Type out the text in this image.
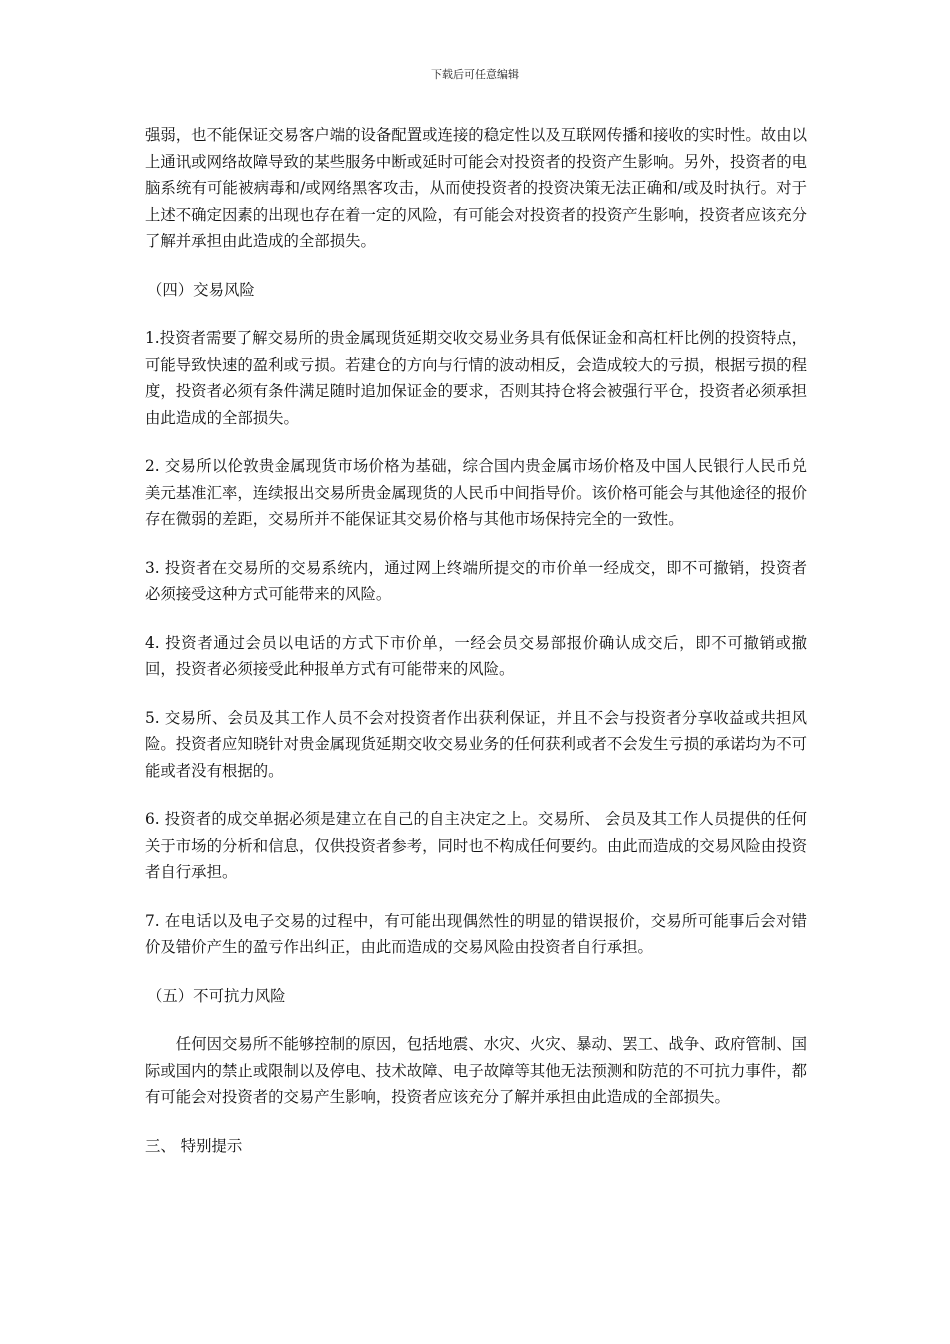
下载后可任意编辑

强弱，也不能保证交易客户端的设备配置或连接的稳定性以及互联网传播和接收的实时性。故由以上通讯或网络故障导致的某些服务中断或延时可能会对投资者的投资产生影响。另外，投资者的电脑系统有可能被病毒和/或网络黑客攻击，从而使投资者的投资决策无法正确和/或及时执行。对于上述不确定因素的出现也存在着一定的风险，有可能会对投资者的投资产生影响，投资者应该充分了解并承担由此造成的全部损失。

（四）交易风险

1.投资者需要了解交易所的贵金属现货延期交收交易业务具有低保证金和高杠杆比例的投资特点，可能导致快速的盈利或亏损。若建仓的方向与行情的波动相反，会造成较大的亏损，根据亏损的程度，投资者必须有条件满足随时追加保证金的要求，否则其持仓将会被强行平仓，投资者必须承担由此造成的全部损失。

2. 交易所以伦敦贵金属现货市场价格为基础，综合国内贵金属市场价格及中国人民银行人民币兑美元基准汇率，连续报出交易所贵金属现货的人民币中间指导价。该价格可能会与其他途径的报价存在微弱的差距，交易所并不能保证其交易价格与其他市场保持完全的一致性。

3. 投资者在交易所的交易系统内，通过网上终端所提交的市价单一经成交，即不可撤销，投资者必须接受这种方式可能带来的风险。

4. 投资者通过会员以电话的方式下市价单，一经会员交易部报价确认成交后，即不可撤销或撤回，投资者必须接受此种报单方式有可能带来的风险。

5. 交易所、会员及其工作人员不会对投资者作出获利保证，并且不会与投资者分享收益或共担风险。投资者应知晓针对贵金属现货延期交收交易业务的任何获利或者不会发生亏损的承诺均为不可能或者没有根据的。

6. 投资者的成交单据必须是建立在自己的自主决定之上。交易所、 会员及其工作人员提供的任何关于市场的分析和信息，仅供投资者参考，同时也不构成任何要约。由此而造成的交易风险由投资者自行承担。

7. 在电话以及电子交易的过程中，有可能出现偶然性的明显的错误报价，交易所可能事后会对错价及错价产生的盈亏作出纠正，由此而造成的交易风险由投资者自行承担。

（五）不可抗力风险

任何因交易所不能够控制的原因，包括地震、水灾、火灾、暴动、罢工、战争、政府管制、国际或国内的禁止或限制以及停电、技术故障、电子故障等其他无法预测和防范的不可抗力事件，都有可能会对投资者的交易产生影响，投资者应该充分了解并承担由此造成的全部损失。

三、 特别提示
